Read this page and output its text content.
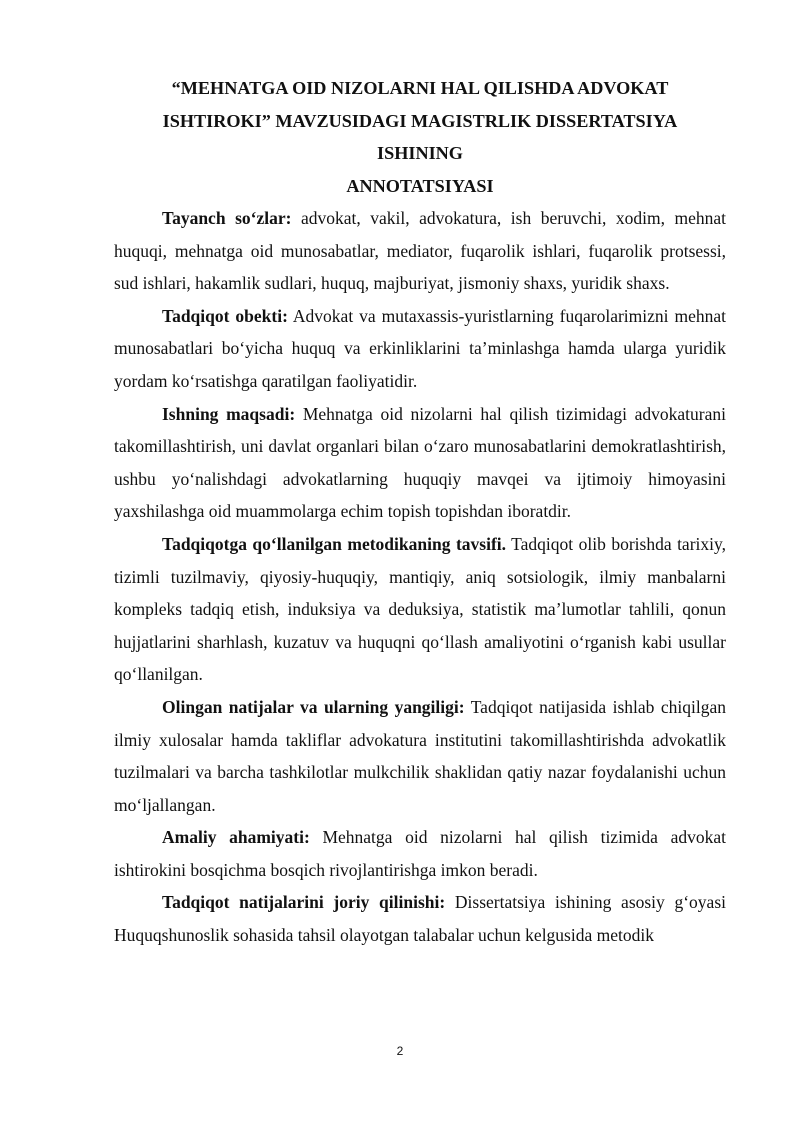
“MEHNATGA OID NIZOLARNI HAL QILISHDA ADVOKAT
ISHTIROKI” MAVZUSIDAGI MAGISTRLIK DISSERTATSIYA
ISHINING
ANNOTATSIYASI

Tayanch so‘zlar: advokat, vakil, advokatura, ish beruvchi, xodim, mehnat huquqi, mehnatga oid munosabatlar, mediator, fuqarolik ishlari, fuqarolik protsessi, sud ishlari, hakamlik sudlari, huquq, majburiyat, jismoniy shaxs, yuridik shaxs.

Tadqiqot obekti: Advokat va mutaxassis-yuristlarning fuqarolarimizni mehnat munosabatlari bo‘yicha huquq va erkinliklarini ta’minlashga hamda ularga yuridik yordam ko‘rsatishga qaratilgan faoliyatidir.

Ishning maqsadi: Mehnatga oid nizolarni hal qilish tizimidagi advokaturani takomillashtirish, uni davlat organlari bilan o‘zaro munosabatlarini demokratlashtirish, ushbu yo‘nalishdagi advokatlarning huquqiy mavqei va ijtimoiy himoyasini yaxshilashga oid muammolarga echim topish topishdan iboratdir.

Tadqiqotga qo‘llanilgan metodikaning tavsifi. Tadqiqot olib borishda tarixiy, tizimli tuzilmaviy, qiyosiy-huquqiy, mantiqiy, aniq sotsiologik, ilmiy manbalarni kompleks tadqiq etish, induksiya va deduksiya, statistik ma’lumotlar tahlili, qonun hujjatlarini sharhlash, kuzatuv va huquqni qo‘llash amaliyotini o‘rganish kabi usullar qo‘llanilgan.

Olingan natijalar va ularning yangiligi: Tadqiqot natijasida ishlab chiqilgan ilmiy xulosalar hamda takliflar advokatura institutini takomillashtirishda advokatlik tuzilmalari va barcha tashkilotlar mulkchilik shaklidan qatiy nazar foydalanishi uchun mo‘ljallangan.

Amaliy ahamiyati: Mehnatga oid nizolarni hal qilish tizimida advokat ishtirokini bosqichma bosqich rivojlantirishga imkon beradi.

Tadqiqot natijalarini joriy qilinishi: Dissertatsiya ishining asosiy g‘oyasi Huquqshunoslik sohasida tahsil olayotgan talabalar uchun kelgusida metodik

2
